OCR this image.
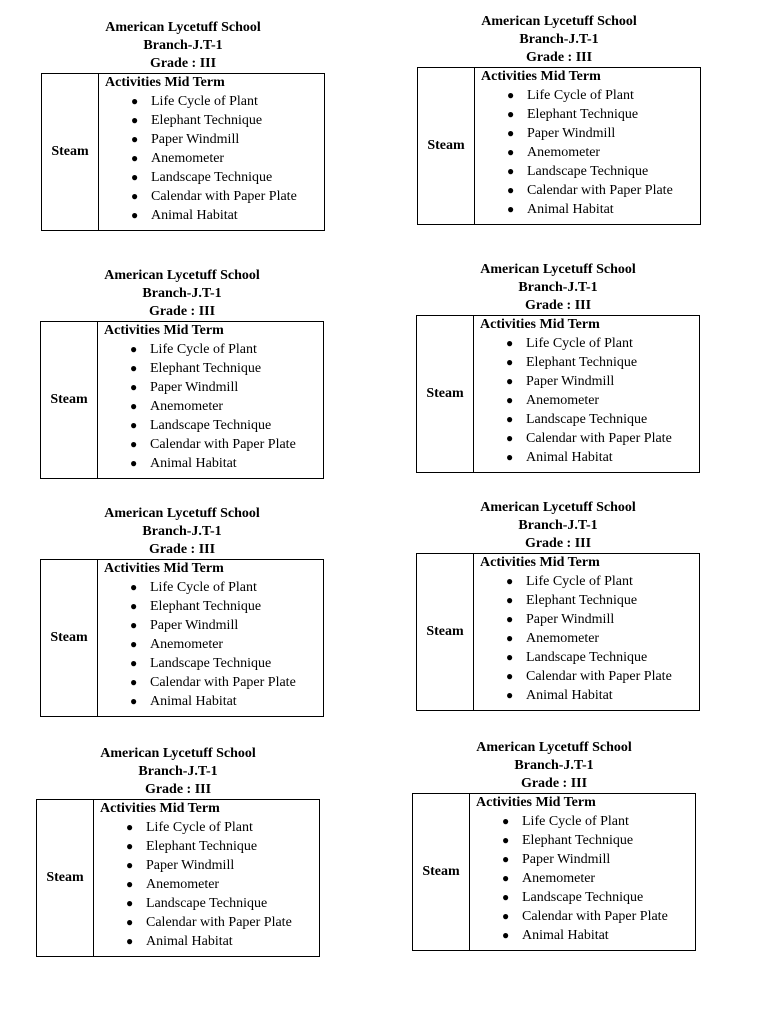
American Lycetuff School
Branch-J.T-1
Grade : III
Steam	
Activities Mid Term
● Life Cycle of Plant
● Elephant Technique
● Paper Windmill
● Anemometer
● Landscape Technique
● Calendar with Paper Plate
● Animal Habitat
American Lycetuff School
Branch-J.T-1
Grade : III
Steam	
Activities Mid Term
● Life Cycle of Plant
● Elephant Technique
● Paper Windmill
● Anemometer
● Landscape Technique
● Calendar with Paper Plate
● Animal Habitat
American Lycetuff School
Branch-J.T-1
Grade : III
Steam	
Activities Mid Term
● Life Cycle of Plant
● Elephant Technique
● Paper Windmill
● Anemometer
● Landscape Technique
● Calendar with Paper Plate
● Animal Habitat
American Lycetuff School
Branch-J.T-1
Grade : III
Steam	
Activities Mid Term
● Life Cycle of Plant
● Elephant Technique
● Paper Windmill
● Anemometer
● Landscape Technique
● Calendar with Paper Plate
● Animal Habitat
American Lycetuff School
Branch-J.T-1
Grade : III
Steam	
Activities Mid Term
● Life Cycle of Plant
● Elephant Technique
● Paper Windmill
● Anemometer
● Landscape Technique
● Calendar with Paper Plate
● Animal Habitat
American Lycetuff School
Branch-J.T-1
Grade : III
Steam	
Activities Mid Term
● Life Cycle of Plant
● Elephant Technique
● Paper Windmill
● Anemometer
● Landscape Technique
● Calendar with Paper Plate
● Animal Habitat
American Lycetuff School
Branch-J.T-1
Grade : III
Steam	
Activities Mid Term
● Life Cycle of Plant
● Elephant Technique
● Paper Windmill
● Anemometer
● Landscape Technique
● Calendar with Paper Plate
● Animal Habitat
American Lycetuff School
Branch-J.T-1
Grade : III
Steam	
Activities Mid Term
● Life Cycle of Plant
● Elephant Technique
● Paper Windmill
● Anemometer
● Landscape Technique
● Calendar with Paper Plate
● Animal Habitat
